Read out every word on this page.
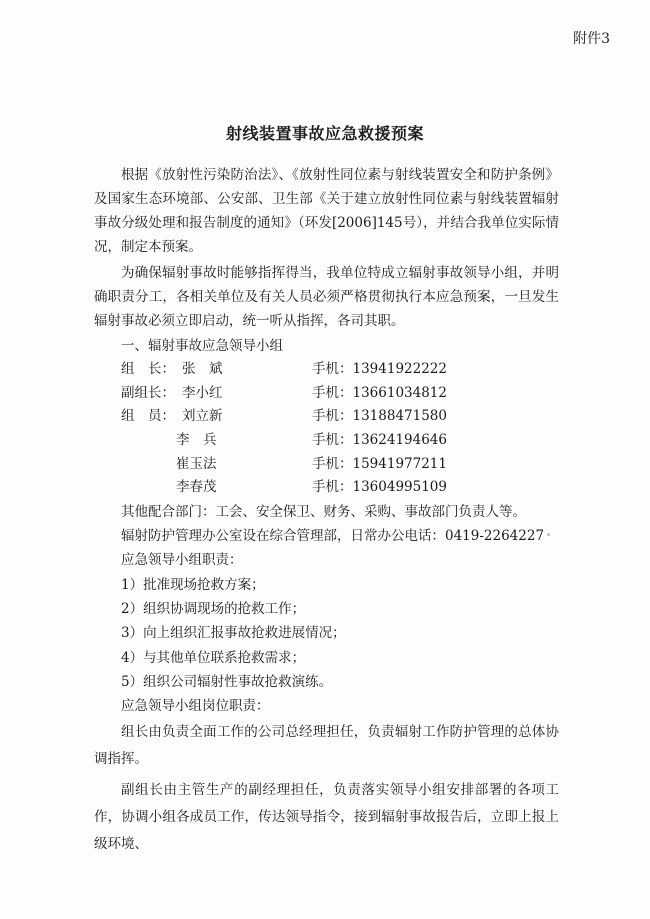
附件3
射线装置事故应急救援预案

根据《放射性污染防治法》、《放射性同位素与射线装置安全和防护条例》及国家生态环境部、公安部、卫生部《关于建立放射性同位素与射线装置辐射事故分级处理和报告制度的通知》（环发[2006]145号），并结合我单位实际情况，制定本预案。

为确保辐射事故时能够指挥得当，我单位特成立辐射事故领导小组，并明确职责分工，各相关单位及有关人员必须严格贯彻执行本应急预案，一旦发生辐射事故必须立即启动，统一听从指挥，各司其职。

一、辐射事故应急领导小组

组　长： 张　斌	手机：13941922222
副组长： 李小红	手机：13661034812
组　员： 刘立新	手机：13188471580
李　兵	手机：13624194646
崔玉法	手机：15941977211
李春茂	手机：13604995109

其他配合部门：工会、安全保卫、财务、采购、事故部门负责人等。

辐射防护管理办公室设在综合管理部，日常办公电话：0419-2264227

应急领导小组职责：

1）批准现场抢救方案；

2）组织协调现场的抢救工作；

3）向上组织汇报事故抢救进展情况；

4）与其他单位联系抢救需求；

5）组织公司辐射性事故抢救演练。

应急领导小组岗位职责：

组长由负责全面工作的公司总经理担任，负责辐射工作防护管理的总体协调指挥。

副组长由主管生产的副经理担任，负责落实领导小组安排部署的各项工作，协调小组各成员工作，传达领导指令，接到辐射事故报告后，立即上报上级环境、
